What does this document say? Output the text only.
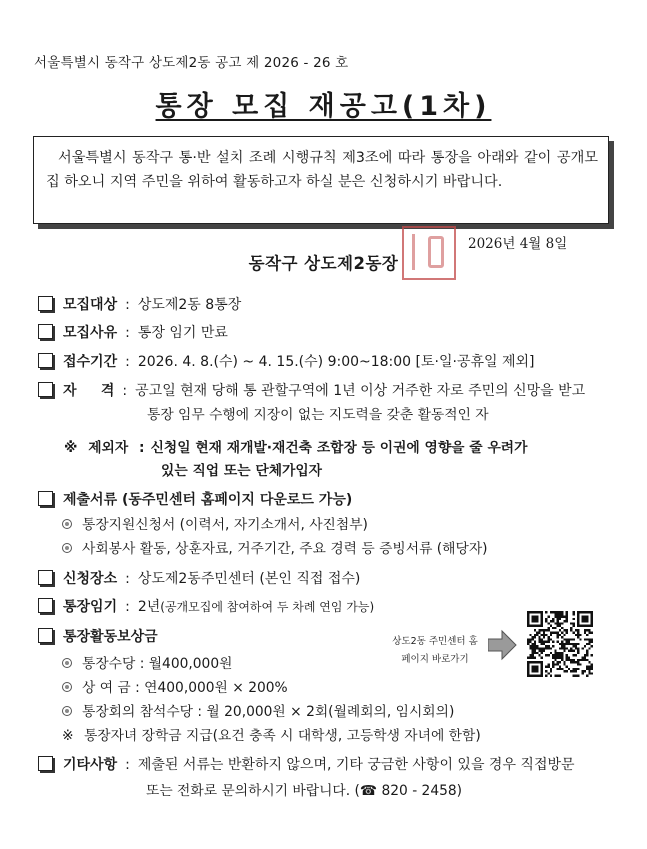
서울특별시 동작구 상도제2동 공고 제 2026 - 26 호
통장 모집 재공고(1차)
서울특별시 동작구 통·반 설치 조례 시행규칙 제3조에 따라 통장을 아래와 같이 공개모집 하오니 지역 주민을 위하여 활동하고자 하실 분은 신청하시기 바랍니다.
2026년 4월 8일
동작구 상도제2동장
모집대상 : 상도제2동 8통장
모집사유 : 통장 임기 만료
접수기간 : 2026. 4. 8.(수) ~ 4. 15.(수) 9:00~18:00 [토·일·공휴일 제외]
자     격 : 공고일 현재 당해 통 관할구역에 1년 이상 거주한 자로 주민의 신망을 받고
통장 임무 수행에 지장이 없는 지도력을 갖춘 활동적인 자
※ 제외자 : 신청일 현재 재개발·재건축 조합장 등 이권에 영향을 줄 우려가
있는 직업 또는 단체가입자
제출서류 (동주민센터 홈페이지 다운로드 가능)
통장지원신청서 (이력서, 자기소개서, 사진첨부)
사회봉사 활동, 상훈자료, 거주기간, 주요 경력 등 증빙서류 (해당자)
신청장소 : 상도제2동주민센터 (본인 직접 접수)
통장임기 : 2년(공개모집에 참여하여 두 차례 연임 가능)
통장활동보상금
통장수당 : 월400,000원
상 여 금 : 연400,000원 × 200%
통장회의 참석수당 : 월 20,000원 × 2회(월례회의, 임시회의)
※ 통장자녀 장학금 지급(요건 충족 시 대학생, 고등학생 자녀에 한함)
상도2동 주민센터 홈페이지 바로가기
기타사항 : 제출된 서류는 반환하지 않으며, 기타 궁금한 사항이 있을 경우 직접방문
또는 전화로 문의하시기 바랍니다. (☎ 820 - 2458)
